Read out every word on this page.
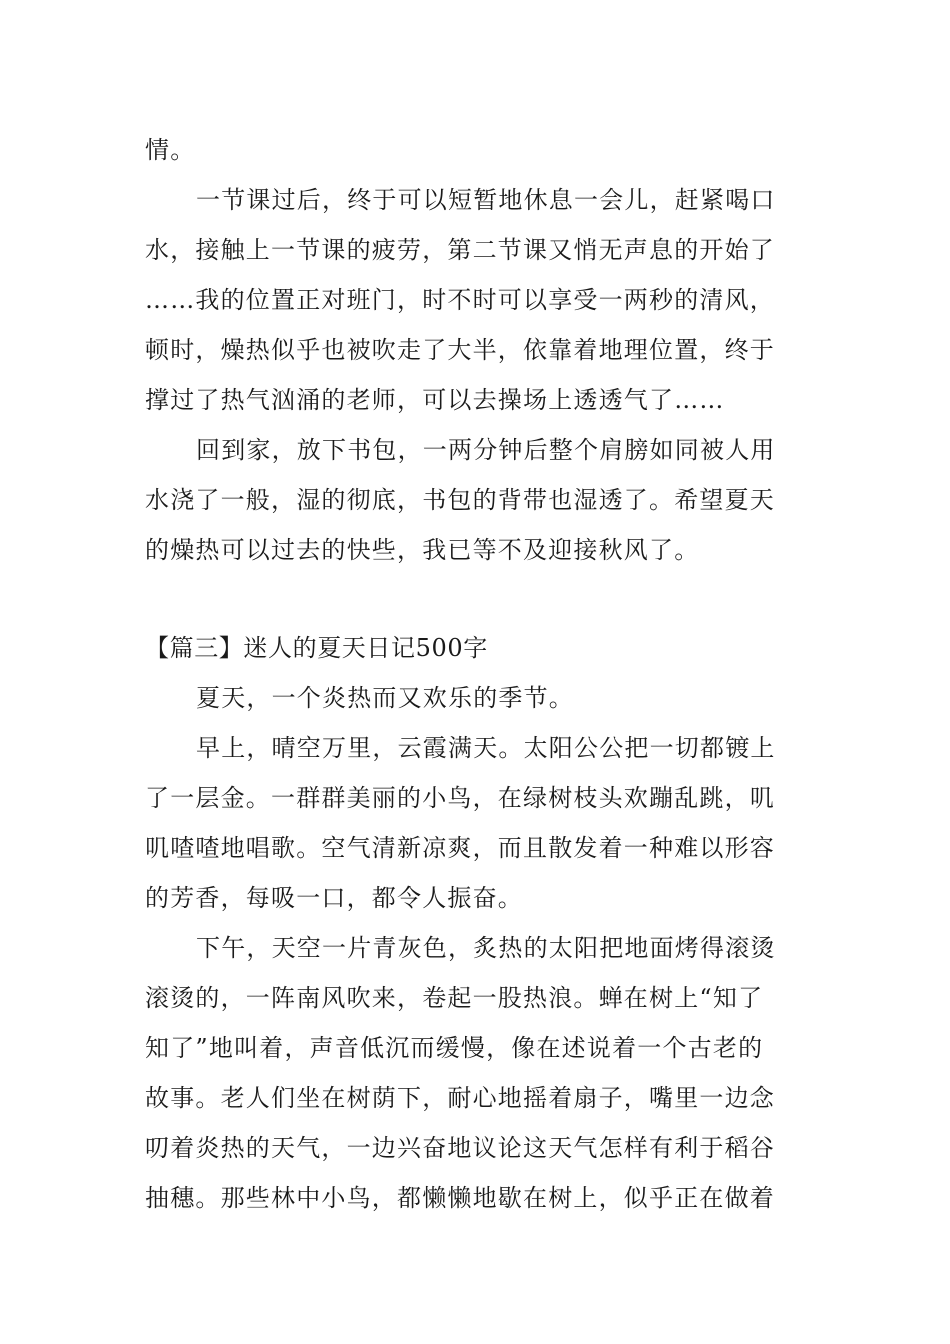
情。
一节课过后，终于可以短暂地休息一会儿，赶紧喝口
水，接触上一节课的疲劳，第二节课又悄无声息的开始了
……我的位置正对班门，时不时可以享受一两秒的清风，
顿时，燥热似乎也被吹走了大半，依靠着地理位置，终于
撑过了热气汹涌的老师，可以去操场上透透气了……
回到家，放下书包，一两分钟后整个肩膀如同被人用
水浇了一般，湿的彻底，书包的背带也湿透了。希望夏天
的燥热可以过去的快些，我已等不及迎接秋风了。
【篇三】迷人的夏天日记500字
夏天，一个炎热而又欢乐的季节。
早上，晴空万里，云霞满天。太阳公公把一切都镀上
了一层金。一群群美丽的小鸟，在绿树枝头欢蹦乱跳，叽
叽喳喳地唱歌。空气清新凉爽，而且散发着一种难以形容
的芳香，每吸一口，都令人振奋。
下午，天空一片青灰色，炙热的太阳把地面烤得滚烫
滚烫的，一阵南风吹来，卷起一股热浪。蝉在树上“知了
知了”地叫着，声音低沉而缓慢，像在述说着一个古老的
故事。老人们坐在树荫下，耐心地摇着扇子，嘴里一边念
叨着炎热的天气，一边兴奋地议论这天气怎样有利于稻谷
抽穗。那些林中小鸟，都懒懒地歇在树上，似乎正在做着
